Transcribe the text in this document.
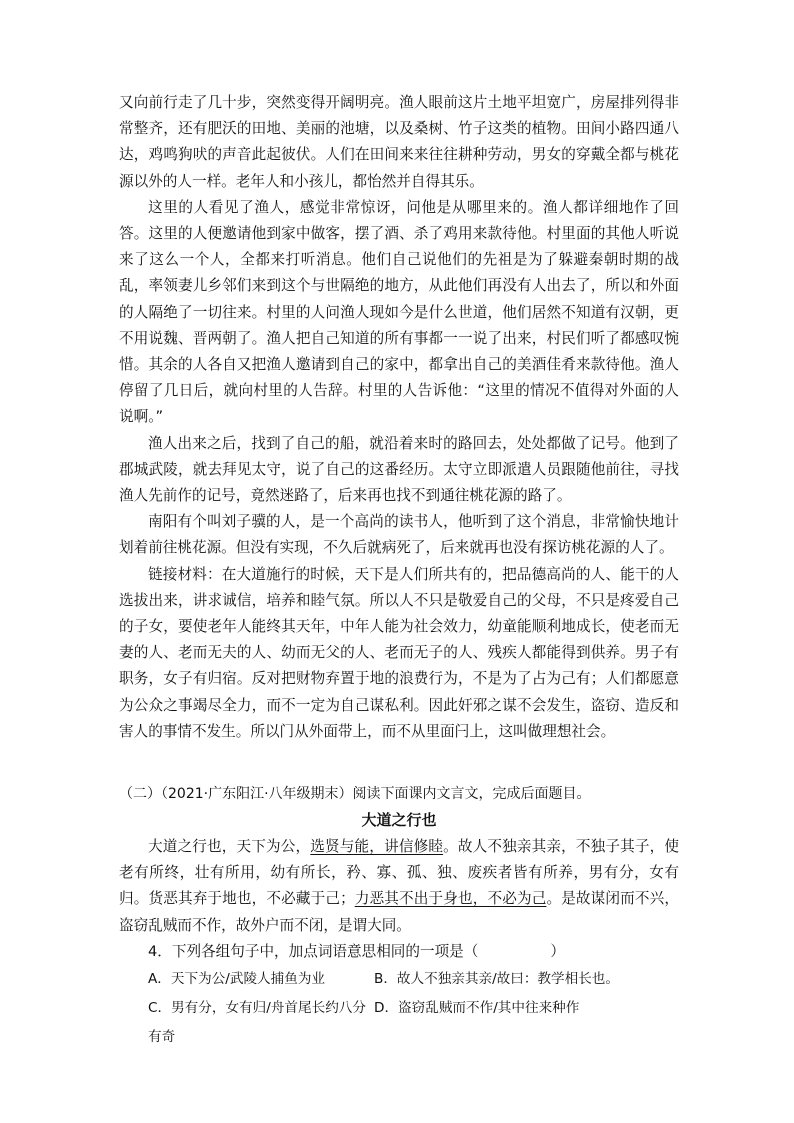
又向前行走了几十步，突然变得开阔明亮。渔人眼前这片土地平坦宽广，房屋排列得非常整齐，还有肥沃的田地、美丽的池塘，以及桑树、竹子这类的植物。田间小路四通八达，鸡鸣狗吠的声音此起彼伏。人们在田间来来往往耕种劳动，男女的穿戴全都与桃花源以外的人一样。老年人和小孩儿，都怡然并自得其乐。

这里的人看见了渔人，感觉非常惊讶，问他是从哪里来的。渔人都详细地作了回答。这里的人便邀请他到家中做客，摆了酒、杀了鸡用来款待他。村里面的其他人听说来了这么一个人，全都来打听消息。他们自己说他们的先祖是为了躲避秦朝时期的战乱，率领妻儿乡邻们来到这个与世隔绝的地方，从此他们再没有人出去了，所以和外面的人隔绝了一切往来。村里的人问渔人现如今是什么世道，他们居然不知道有汉朝，更不用说魏、晋两朝了。渔人把自己知道的所有事都一一说了出来，村民们听了都感叹惋惜。其余的人各自又把渔人邀请到自己的家中，都拿出自己的美酒佳肴来款待他。渔人停留了几日后，就向村里的人告辞。村里的人告诉他：“这里的情况不值得对外面的人说啊。”

渔人出来之后，找到了自己的船，就沿着来时的路回去，处处都做了记号。他到了郡城武陵，就去拜见太守，说了自己的这番经历。太守立即派遣人员跟随他前往，寻找渔人先前作的记号，竟然迷路了，后来再也找不到通往桃花源的路了。

南阳有个叫刘子骥的人，是一个高尚的读书人，他听到了这个消息，非常愉快地计划着前往桃花源。但没有实现，不久后就病死了，后来就再也没有探访桃花源的人了。

链接材料：在大道施行的时候，天下是人们所共有的，把品德高尚的人、能干的人选拔出来，讲求诚信，培养和睦气氛。所以人不只是敬爱自己的父母，不只是疼爱自己的子女，要使老年人能终其天年，中年人能为社会效力，幼童能顺利地成长，使老而无妻的人、老而无夫的人、幼而无父的人、老而无子的人、残疾人都能得到供养。男子有职务，女子有归宿。反对把财物弃置于地的浪费行为，不是为了占为己有；人们都愿意为公众之事竭尽全力，而不一定为自己谋私利。因此奸邪之谋不会发生，盗窃、造反和害人的事情不发生。所以门从外面带上，而不从里面闩上，这叫做理想社会。

（二）（2021·广东阳江·八年级期末）阅读下面课内文言文，完成后面题目。

大道之行也

大道之行也，天下为公，选贤与能，讲信修睦。故人不独亲其亲，不独子其子，使老有所终，壮有所用，幼有所长，矜、寡、孤、独、废疾者皆有所养，男有分，女有归。货恶其弃于地也，不必藏于己；力恶其不出于身也，不必为己。是故谋闭而不兴，盗窃乱贼而不作，故外户而不闭，是谓大同。

4．下列各组句子中，加点词语意思相同的一项是（	）

A．天下为公/武陵人捕鱼为业	B．故人不独亲其亲/故曰：教学相长也。
C．男有分，女有归/舟首尾长约八分有奇
D．盗窃乱贼而不作/其中往来种作
